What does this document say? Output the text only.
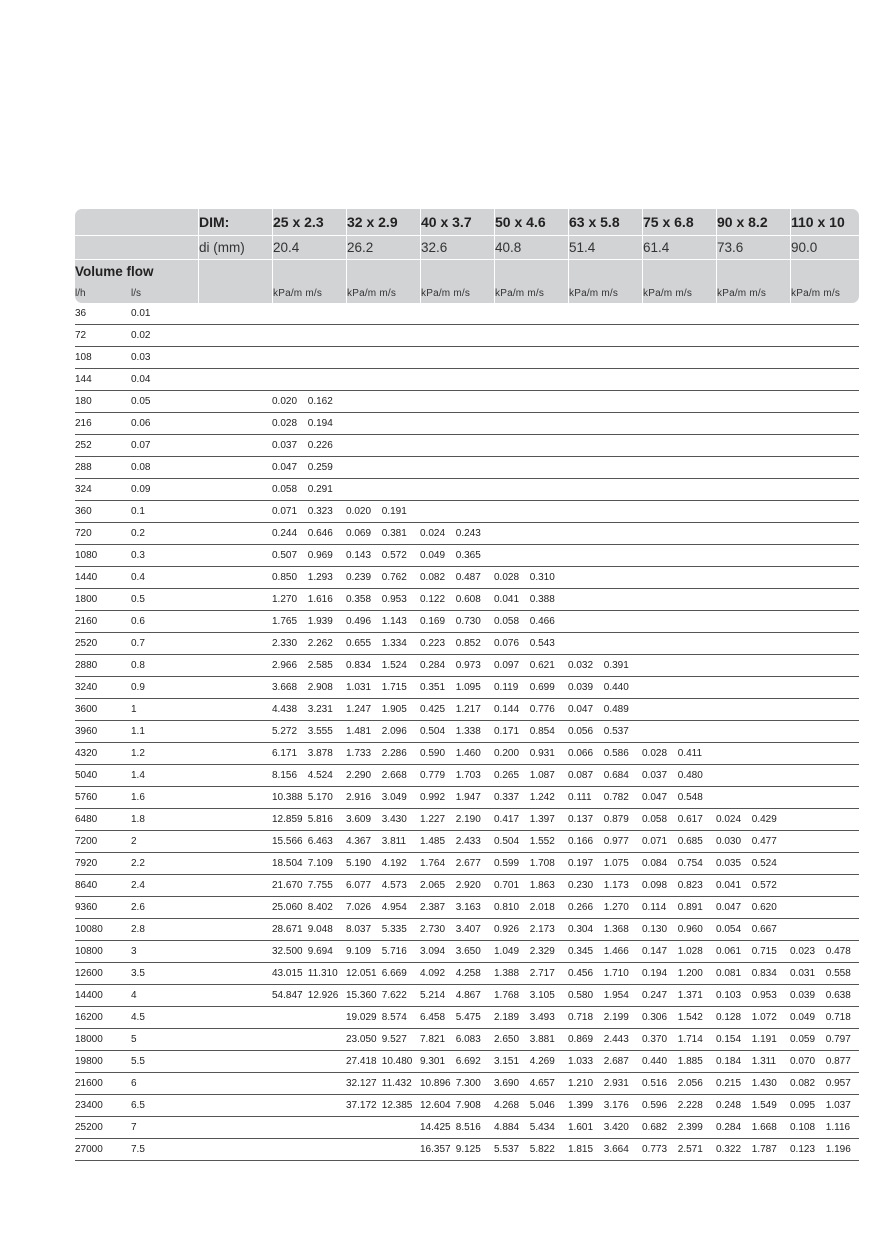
		DIM:	25 x 2.3	32 x 2.9	40 x 3.7	50 x 4.6	63 x 5.8	75 x 6.8	90 x 8.2	110 x 10
		di (mm)	20.4	26.2	32.6	40.8	51.4	61.4	73.6	90.0
Volume flow										
l/h	l/s		kPa/m m/s	kPa/m m/s	kPa/m m/s	kPa/m m/s	kPa/m m/s	kPa/m m/s	kPa/m m/s	kPa/m m/s
36	0.01									
72	0.02									
108	0.03									
144	0.04									
180	0.05		0.020 0.162							
216	0.06		0.028 0.194							
252	0.07		0.037 0.226							
288	0.08		0.047 0.259							
324	0.09		0.058 0.291							
360	0.1		0.071 0.323	0.020 0.191						
720	0.2		0.244 0.646	0.069 0.381	0.024 0.243					
1080	0.3		0.507 0.969	0.143 0.572	0.049 0.365					
1440	0.4		0.850 1.293	0.239 0.762	0.082 0.487	0.028 0.310				
1800	0.5		1.270 1.616	0.358 0.953	0.122 0.608	0.041 0.388				
2160	0.6		1.765 1.939	0.496 1.143	0.169 0.730	0.058 0.466				
2520	0.7		2.330 2.262	0.655 1.334	0.223 0.852	0.076 0.543				
2880	0.8		2.966 2.585	0.834 1.524	0.284 0.973	0.097 0.621	0.032 0.391			
3240	0.9		3.668 2.908	1.031 1.715	0.351 1.095	0.119 0.699	0.039 0.440			
3600	1		4.438 3.231	1.247 1.905	0.425 1.217	0.144 0.776	0.047 0.489			
3960	1.1		5.272 3.555	1.481 2.096	0.504 1.338	0.171 0.854	0.056 0.537			
4320	1.2		6.171 3.878	1.733 2.286	0.590 1.460	0.200 0.931	0.066 0.586	0.028 0.411		
5040	1.4		8.156 4.524	2.290 2.668	0.779 1.703	0.265 1.087	0.087 0.684	0.037 0.480		
5760	1.6		10.388 5.170	2.916 3.049	0.992 1.947	0.337 1.242	0.111 0.782	0.047 0.548		
6480	1.8		12.859 5.816	3.609 3.430	1.227 2.190	0.417 1.397	0.137 0.879	0.058 0.617	0.024 0.429	
7200	2		15.566 6.463	4.367 3.811	1.485 2.433	0.504 1.552	0.166 0.977	0.071 0.685	0.030 0.477	
7920	2.2		18.504 7.109	5.190 4.192	1.764 2.677	0.599 1.708	0.197 1.075	0.084 0.754	0.035 0.524	
8640	2.4		21.670 7.755	6.077 4.573	2.065 2.920	0.701 1.863	0.230 1.173	0.098 0.823	0.041 0.572	
9360	2.6		25.060 8.402	7.026 4.954	2.387 3.163	0.810 2.018	0.266 1.270	0.114 0.891	0.047 0.620	
10080	2.8		28.671 9.048	8.037 5.335	2.730 3.407	0.926 2.173	0.304 1.368	0.130 0.960	0.054 0.667	
10800	3		32.500 9.694	9.109 5.716	3.094 3.650	1.049 2.329	0.345 1.466	0.147 1.028	0.061 0.715	0.023 0.478
12600	3.5		43.015 11.310	12.051 6.669	4.092 4.258	1.388 2.717	0.456 1.710	0.194 1.200	0.081 0.834	0.031 0.558
14400	4		54.847 12.926	15.360 7.622	5.214 4.867	1.768 3.105	0.580 1.954	0.247 1.371	0.103 0.953	0.039 0.638
16200	4.5			19.029 8.574	6.458 5.475	2.189 3.493	0.718 2.199	0.306 1.542	0.128 1.072	0.049 0.718
18000	5			23.050 9.527	7.821 6.083	2.650 3.881	0.869 2.443	0.370 1.714	0.154 1.191	0.059 0.797
19800	5.5			27.418 10.480	9.301 6.692	3.151 4.269	1.033 2.687	0.440 1.885	0.184 1.311	0.070 0.877
21600	6			32.127 11.432	10.896 7.300	3.690 4.657	1.210 2.931	0.516 2.056	0.215 1.430	0.082 0.957
23400	6.5			37.172 12.385	12.604 7.908	4.268 5.046	1.399 3.176	0.596 2.228	0.248 1.549	0.095 1.037
25200	7				14.425 8.516	4.884 5.434	1.601 3.420	0.682 2.399	0.284 1.668	0.108 1.116
27000	7.5				16.357 9.125	5.537 5.822	1.815 3.664	0.773 2.571	0.322 1.787	0.123 1.196
